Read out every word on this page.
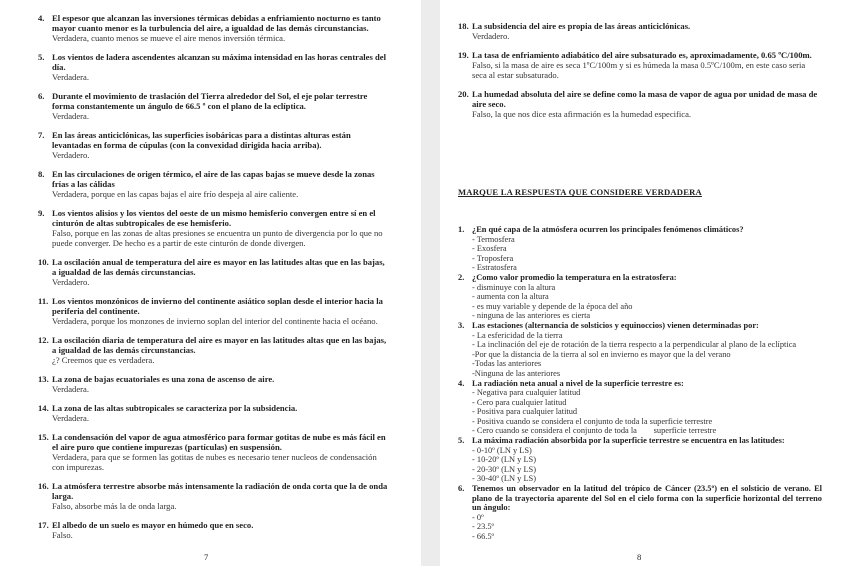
4. El espesor que alcanzan las inversiones térmicas debidas a enfriamiento nocturno es tanto mayor cuanto menor es la turbulencia del aire, a igualdad de las demás circunstancias.
Verdadera, cuanto menos se mueve el aire menos inversión térmica.
5. Los vientos de ladera ascendentes alcanzan su máxima intensidad en las horas centrales del día.
Verdadera.
6. Durante el movimiento de traslación del Tierra alrededor del Sol, el eje polar terrestre forma constantemente un ángulo de 66.5 º con el plano de la eclíptica.
Verdadera.
7. En las áreas anticiclónicas, las superficies isobáricas para a distintas alturas están levantadas en forma de cúpulas (con la convexidad dirigida hacia arriba).
Verdadero.
8. En las circulaciones de origen térmico, el aire de las capas bajas se mueve desde la zonas frías a las cálidas
Verdadera, porque en las capas bajas el aire frío despeja al aire caliente.
9. Los vientos alisios y los vientos del oeste de un mismo hemisferio convergen entre sí en el cinturón de altas subtropicales de ese hemisferio.
Falso, porque en las zonas de altas presiones se encuentra un punto de divergencia por lo que no puede converger. De hecho es a partir de este cinturón de donde divergen.
10. La oscilación anual de temperatura del aire es mayor en las latitudes altas que en las bajas, a igualdad de las demás circunstancias.
Verdadero.
11. Los vientos monzónicos de invierno del continente asiático soplan desde el interior hacia la periferia del continente.
Verdadera, porque los monzones de invierno soplan del interior del continente hacia el océano.
12. La oscilación diaria de temperatura del aire es mayor en las latitudes altas que en las bajas, a igualdad de las demás circunstancias.
¿? Creemos que es verdadera.
13. La zona de bajas ecuatoriales es una zona de ascenso de aire.
Verdadera.
14. La zona de las altas subtropicales se caracteriza por la subsidencia.
Verdadera.
15. La condensación del vapor de agua atmosférico para formar gotitas de nube es más fácil en el aire puro que contiene impurezas (partículas) en suspensión.
Verdadera, para que se formen las gotitas de nubes es necesario tener nucleos de condensación con impurezas.
16. La atmósfera terrestre absorbe más intensamente la radiación de onda corta que la de onda larga.
Falso, absorbe más la de onda larga.
17. El albedo de un suelo es mayor en húmedo que en seco.
Falso.
7
18. La subsidencia del aire es propia de las áreas anticiclónicas.
Verdadero.
19. La tasa de enfriamiento adiabático del aire subsaturado es, aproximadamente, 0.65 ºC/100m.
Falso, si la masa de aire es seca 1ºC/100m y si es húmeda la masa 0.5ºC/100m, en este caso seria seca al estar subsaturado.
20. La humedad absoluta del aire se define como la masa de vapor de agua por unidad de masa de aire seco.
Falso, la que nos dice esta afirmación es la humedad especifica.
MARQUE LA RESPUESTA QUE CONSIDERE VERDADERA
1. ¿En qué capa de la atmósfera ocurren los principales fenómenos climáticos?
- Termosfera
- Exosfera
- Troposfera
- Estratosfera
2. ¿Como valor promedio la temperatura en la estratosfera:
- disminuye con la altura
- aumenta con la altura
- es muy variable y depende de la época del año
- ninguna de las anteriores es cierta
3. Las estaciones (alternancia de solsticios y equinoccios) vienen determinadas por:
- La esfericidad de la tierra
- La inclinación del eje de rotación de la tierra respecto a la perpendicular al plano de la eclíptica
-Por que la distancia de la tierra al sol en invierno es mayor que la del verano
-Todas las anteriores
-Ninguna de las anteriores
4. La radiación neta anual a nivel de la superficie terrestre es:
- Negativa para cualquier latitud
- Cero para cualquier latitud
- Positiva para cualquier latitud
- Positiva cuando se considera el conjunto de toda la superficie terrestre
- Cero cuando se considera el conjunto de toda la        superficie terrestre
5. La máxima radiación absorbida por la superficie terrestre se encuentra en las latitudes:
- 0-10º (LN y LS)
- 10-20º (LN y LS)
- 20-30º (LN y LS)
- 30-40º (LN y LS)
6. Tenemos un observador en la latitud del trópico de Cáncer (23.5º) en el solsticio de verano. El plano de la trayectoria aparente del Sol en el cielo forma con la superficie horizontal del terreno un ángulo:
- 0º
- 23.5º
- 66.5º
8
